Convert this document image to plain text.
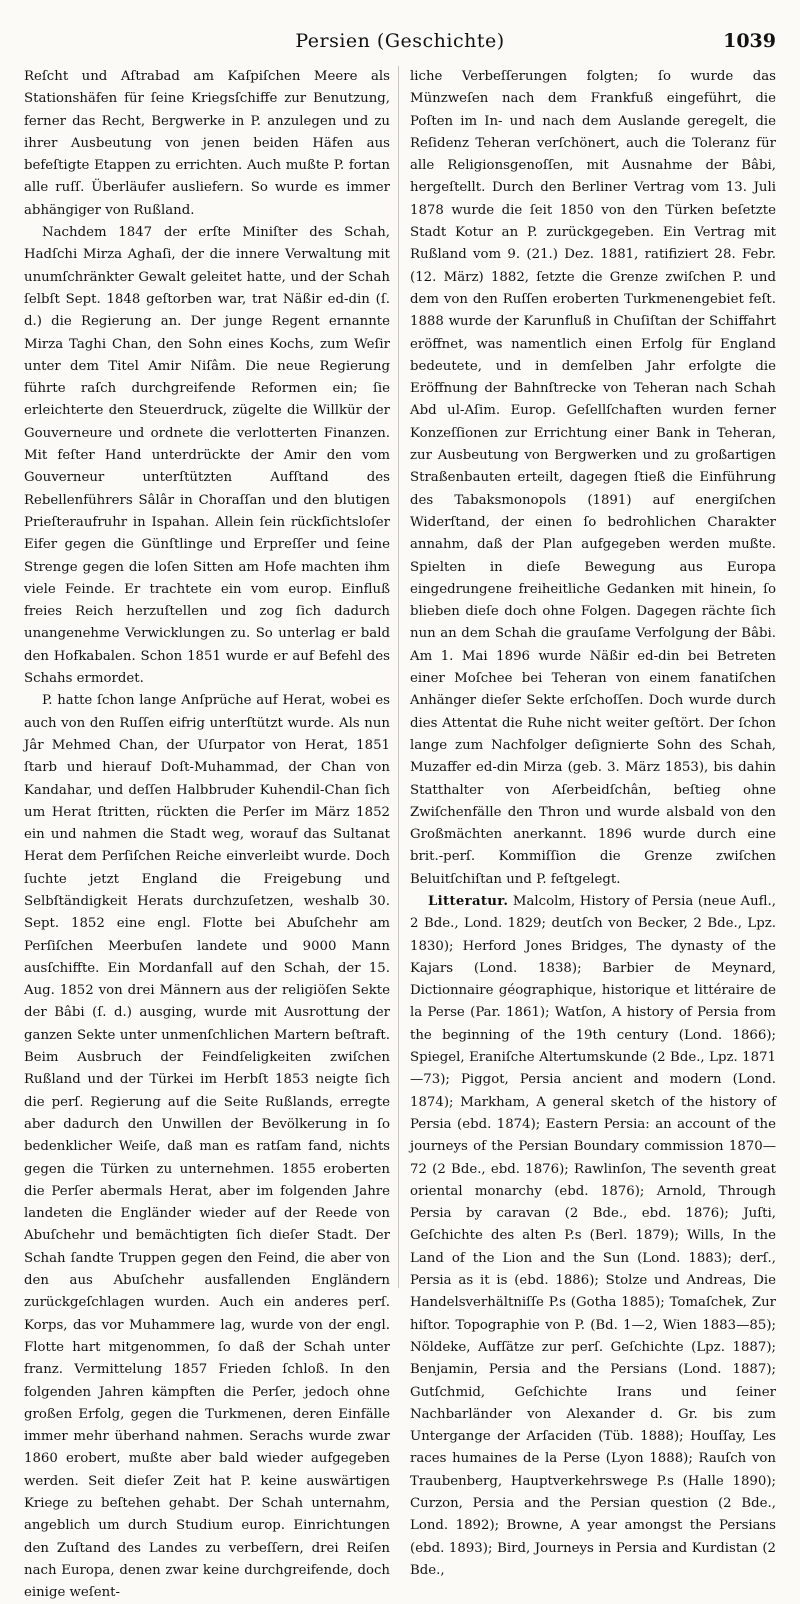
Persien (Geschichte)	1039

Reſcht und Aſtrabad am Kaſpiſchen Meere als Stationshäfen für ſeine Kriegsſchiffe zur Benutzung, ferner das Recht, Bergwerke in P. anzulegen und zu ihrer Ausbeutung von jenen beiden Häfen aus befeſtigte Etappen zu errichten. Auch mußte P. fortan alle ruſſ. Überläufer ausliefern. So wurde es immer abhängiger von Rußland.

Nachdem 1847 der erſte Miniſter des Schah, Hadſchi Mirza Aghaſi, der die innere Verwaltung mit unumſchränkter Gewalt geleitet hatte, und der Schah ſelbſt Sept. 1848 geſtorben war, trat Näßir ed-din (ſ. d.) die Regierung an. Der junge Regent ernannte Mirza Taghi Chan, den Sohn eines Kochs, zum Weſir unter dem Titel Amir Niſâm. Die neue Regierung führte raſch durchgreifende Reformen ein; ſie erleichterte den Steuerdruck, zügelte die Willkür der Gouverneure und ordnete die verlotterten Finanzen. Mit feſter Hand unterdrückte der Amir den vom Gouverneur unterſtützten Aufſtand des Rebellenführers Sâlâr in Choraſſan und den blutigen Prieſteraufruhr in Ispahan. Allein ſein rückſichtsloſer Eifer gegen die Günſtlinge und Erpreſſer und ſeine Strenge gegen die loſen Sitten am Hofe machten ihm viele Feinde. Er trachtete ein vom europ. Einfluß freies Reich herzuſtellen und zog ſich dadurch unangenehme Verwicklungen zu. So unterlag er bald den Hofkabalen. Schon 1851 wurde er auf Befehl des Schahs ermordet.

P. hatte ſchon lange Anſprüche auf Herat, wobei es auch von den Ruſſen eifrig unterſtützt wurde. Als nun Jâr Mehmed Chan, der Uſurpator von Herat, 1851 ſtarb und hierauf Doſt-Muhammad, der Chan von Kandahar, und deſſen Halbbruder Kuhendil-Chan ſich um Herat ſtritten, rückten die Perſer im März 1852 ein und nahmen die Stadt weg, worauf das Sultanat Herat dem Perſiſchen Reiche einverleibt wurde. Doch ſuchte jetzt England die Freigebung und Selbſtändigkeit Herats durchzuſetzen, weshalb 30. Sept. 1852 eine engl. Flotte bei Abuſchehr am Perſiſchen Meerbuſen landete und 9000 Mann ausſchiffte. Ein Mordanfall auf den Schah, der 15. Aug. 1852 von drei Männern aus der religiöſen Sekte der Bâbi (ſ. d.) ausging, wurde mit Ausrottung der ganzen Sekte unter unmenſchlichen Martern beſtraft. Beim Ausbruch der Feindſeligkeiten zwiſchen Rußland und der Türkei im Herbſt 1853 neigte ſich die perſ. Regierung auf die Seite Rußlands, erregte aber dadurch den Unwillen der Bevölkerung in ſo bedenklicher Weiſe, daß man es ratſam fand, nichts gegen die Türken zu unternehmen. 1855 eroberten die Perſer abermals Herat, aber im folgenden Jahre landeten die Engländer wieder auf der Reede von Abuſchehr und bemächtigten ſich dieſer Stadt. Der Schah ſandte Truppen gegen den Feind, die aber von den aus Abuſchehr ausfallenden Engländern zurückgeſchlagen wurden. Auch ein anderes perſ. Korps, das vor Muhammere lag, wurde von der engl. Flotte hart mitgenommen, ſo daß der Schah unter franz. Vermittelung 1857 Frieden ſchloß. In den folgenden Jahren kämpften die Perſer, jedoch ohne großen Erfolg, gegen die Turkmenen, deren Einfälle immer mehr überhand nahmen. Serachs wurde zwar 1860 erobert, mußte aber bald wieder aufgegeben werden. Seit dieſer Zeit hat P. keine auswärtigen Kriege zu beſtehen gehabt. Der Schah unternahm, angeblich um durch Studium europ. Einrichtungen den Zuſtand des Landes zu verbeſſern, drei Reiſen nach Europa, denen zwar keine durchgreifende, doch einige weſent-

liche Verbeſſerungen folgten; ſo wurde das Münzweſen nach dem Frankfuß eingeführt, die Poſten im In- und nach dem Auslande geregelt, die Reſidenz Teheran verſchönert, auch die Toleranz für alle Religionsgenoſſen, mit Ausnahme der Bâbi, hergeſtellt. Durch den Berliner Vertrag vom 13. Juli 1878 wurde die ſeit 1850 von den Türken beſetzte Stadt Kotur an P. zurückgegeben. Ein Vertrag mit Rußland vom 9. (21.) Dez. 1881, ratifiziert 28. Febr. (12. März) 1882, ſetzte die Grenze zwiſchen P. und dem von den Ruſſen eroberten Turkmenengebiet feſt. 1888 wurde der Karunfluß in Chuſiſtan der Schiffahrt eröffnet, was namentlich einen Erfolg für England bedeutete, und in demſelben Jahr erfolgte die Eröffnung der Bahnſtrecke von Teheran nach Schah Abd ul-Aſim. Europ. Geſellſchaften wurden ferner Konzeſſionen zur Errichtung einer Bank in Teheran, zur Ausbeutung von Bergwerken und zu großartigen Straßenbauten erteilt, dagegen ſtieß die Einführung des Tabaksmonopols (1891) auf energiſchen Widerſtand, der einen ſo bedrohlichen Charakter annahm, daß der Plan aufgegeben werden mußte. Spielten in dieſe Bewegung aus Europa eingedrungene freiheitliche Gedanken mit hinein, ſo blieben dieſe doch ohne Folgen. Dagegen rächte ſich nun an dem Schah die grauſame Verfolgung der Bâbi. Am 1. Mai 1896 wurde Näßir ed-din bei Betreten einer Moſchee bei Teheran von einem fanatiſchen Anhänger dieſer Sekte erſchoſſen. Doch wurde durch dies Attentat die Ruhe nicht weiter geſtört. Der ſchon lange zum Nachfolger deſignierte Sohn des Schah, Muzaffer ed-din Mirza (geb. 3. März 1853), bis dahin Statthalter von Aſerbeidſchân, beſtieg ohne Zwiſchenfälle den Thron und wurde alsbald von den Großmächten anerkannt. 1896 wurde durch eine brit.-perſ. Kommiſſion die Grenze zwiſchen Beluitſchiſtan und P. feſtgelegt.

Litteratur. Malcolm, History of Persia (neue Aufl., 2 Bde., Lond. 1829; deutſch von Becker, 2 Bde., Lpz. 1830); Herford Jones Bridges, The dynasty of the Kajars (Lond. 1838); Barbier de Meynard, Dictionnaire géographique, historique et littéraire de la Perse (Par. 1861); Watſon, A history of Persia from the beginning of the 19th century (Lond. 1866); Spiegel, Eraniſche Altertumskunde (2 Bde., Lpz. 1871—73); Piggot, Persia ancient and modern (Lond. 1874); Markham, A general sketch of the history of Persia (ebd. 1874); Eastern Persia: an account of the journeys of the Persian Boundary commission 1870—72 (2 Bde., ebd. 1876); Rawlinſon, The seventh great oriental monarchy (ebd. 1876); Arnold, Through Persia by caravan (2 Bde., ebd. 1876); Juſti, Geſchichte des alten P.s (Berl. 1879); Wills, In the Land of the Lion and the Sun (Lond. 1883); derſ., Persia as it is (ebd. 1886); Stolze und Andreas, Die Handelsverhältniſſe P.s (Gotha 1885); Tomaſchek, Zur hiſtor. Topographie von P. (Bd. 1—2, Wien 1883—85); Nöldeke, Aufſätze zur perſ. Geſchichte (Lpz. 1887); Benjamin, Persia and the Persians (Lond. 1887); Gutſchmid, Geſchichte Irans und ſeiner Nachbarländer von Alexander d. Gr. bis zum Untergange der Arſaciden (Tüb. 1888); Houſſay, Les races humaines de la Perse (Lyon 1888); Rauſch von Traubenberg, Hauptverkehrswege P.s (Halle 1890); Curzon, Persia and the Persian question (2 Bde., Lond. 1892); Browne, A year amongst the Persians (ebd. 1893); Bird, Journeys in Persia and Kurdistan (2 Bde.,
